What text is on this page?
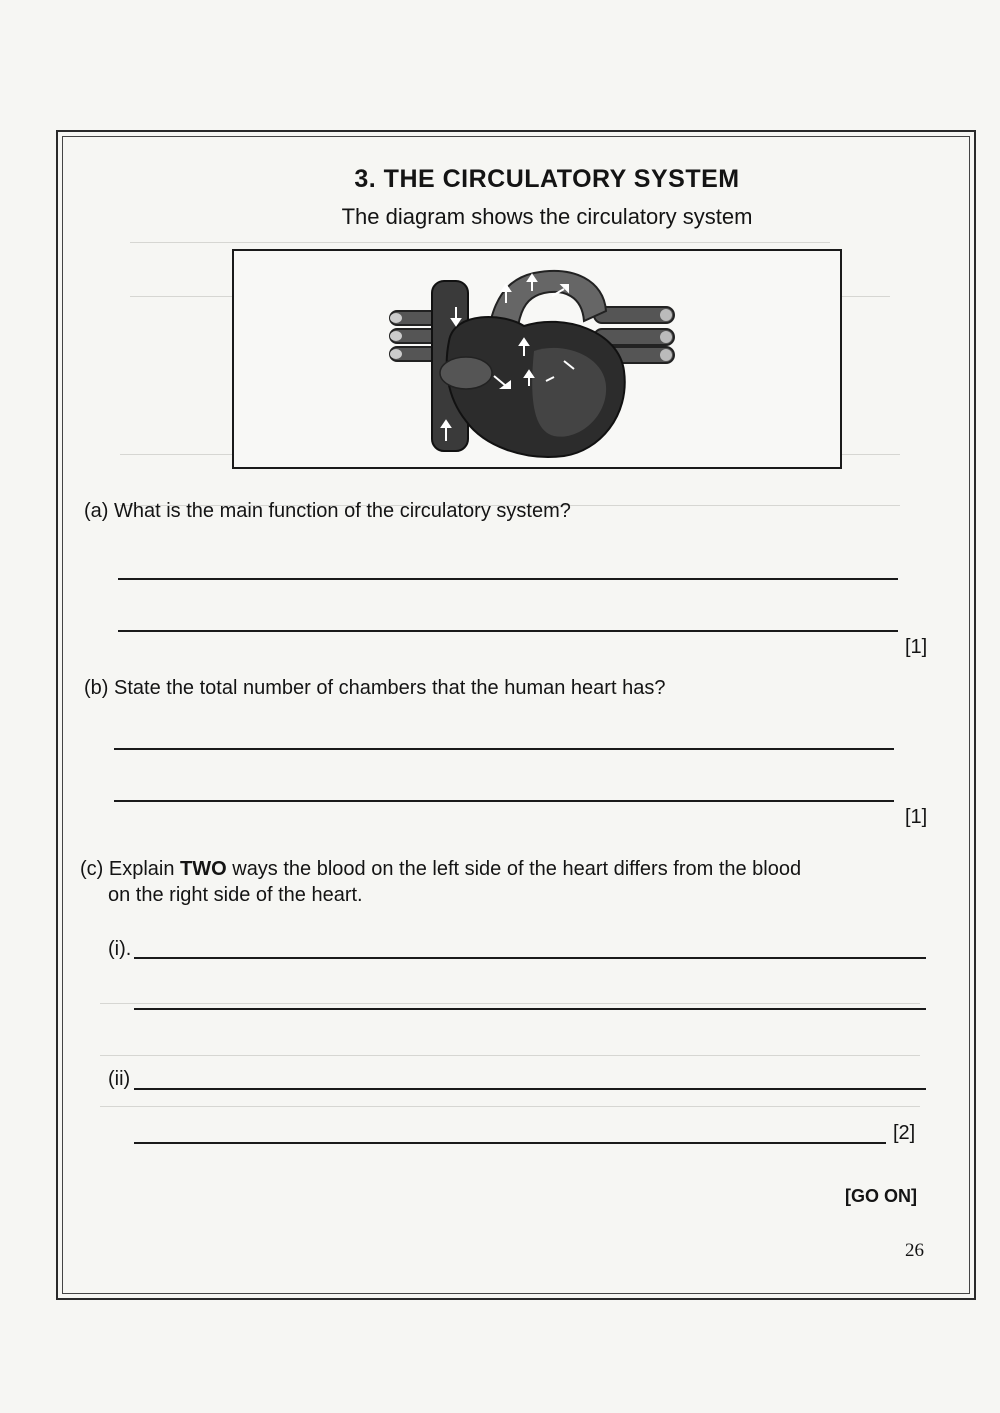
3. THE CIRCULATORY SYSTEM
The diagram shows the circulatory system
(a) What is the main function of the circulatory system?
[1]
(b) State the total number of chambers that the human heart has?
[1]
(c) Explain TWO ways the blood on the left side of the heart differs from the blood
on the right side of the heart.
(i).
(ii)
[2]
[GO ON]
26
